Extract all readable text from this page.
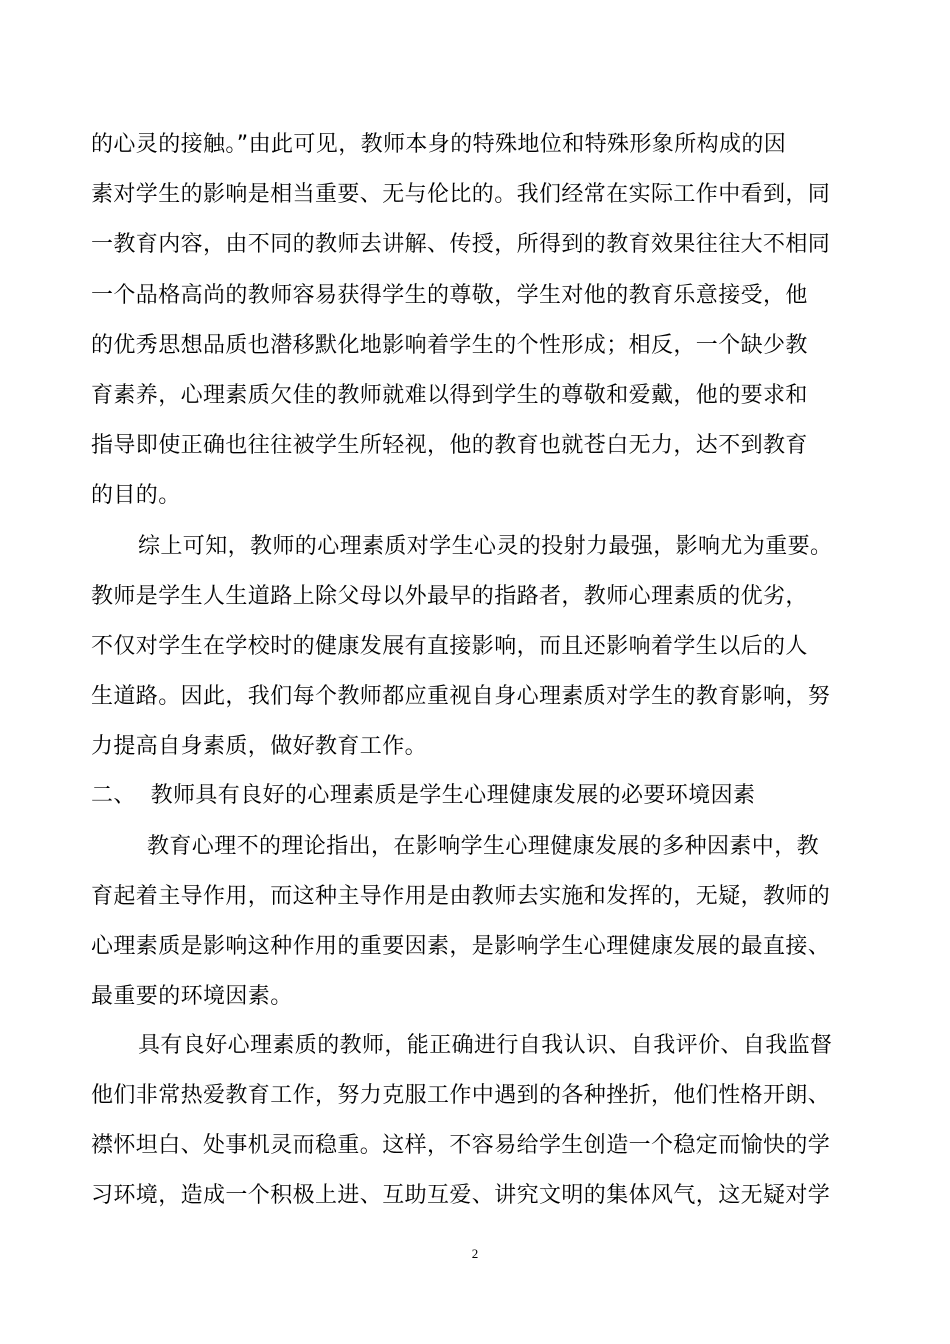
的心灵的接触。”由此可见，教师本身的特殊地位和特殊形象所构成的因
素对学生的影响是相当重要、无与伦比的。我们经常在实际工作中看到，同
一教育内容，由不同的教师去讲解、传授，所得到的教育效果往往大不相同
一个品格高尚的教师容易获得学生的尊敬，学生对他的教育乐意接受，他
的优秀思想品质也潜移默化地影响着学生的个性形成；相反，一个缺少教
育素养，心理素质欠佳的教师就难以得到学生的尊敬和爱戴，他的要求和
指导即使正确也往往被学生所轻视，他的教育也就苍白无力，达不到教育
的目的。
综上可知，教师的心理素质对学生心灵的投射力最强，影响尤为重要。
教师是学生人生道路上除父母以外最早的指路者，教师心理素质的优劣，
不仅对学生在学校时的健康发展有直接影响，而且还影响着学生以后的人
生道路。因此，我们每个教师都应重视自身心理素质对学生的教育影响，努
力提高自身素质，做好教育工作。
二、  教师具有良好的心理素质是学生心理健康发展的必要环境因素
教育心理不的理论指出，在影响学生心理健康发展的多种因素中，教
育起着主导作用，而这种主导作用是由教师去实施和发挥的，无疑，教师的
心理素质是影响这种作用的重要因素，是影响学生心理健康发展的最直接、
最重要的环境因素。
具有良好心理素质的教师，能正确进行自我认识、自我评价、自我监督
他们非常热爱教育工作，努力克服工作中遇到的各种挫折，他们性格开朗、
襟怀坦白、处事机灵而稳重。这样，不容易给学生创造一个稳定而愉快的学
习环境，造成一个积极上进、互助互爱、讲究文明的集体风气，这无疑对学
2
